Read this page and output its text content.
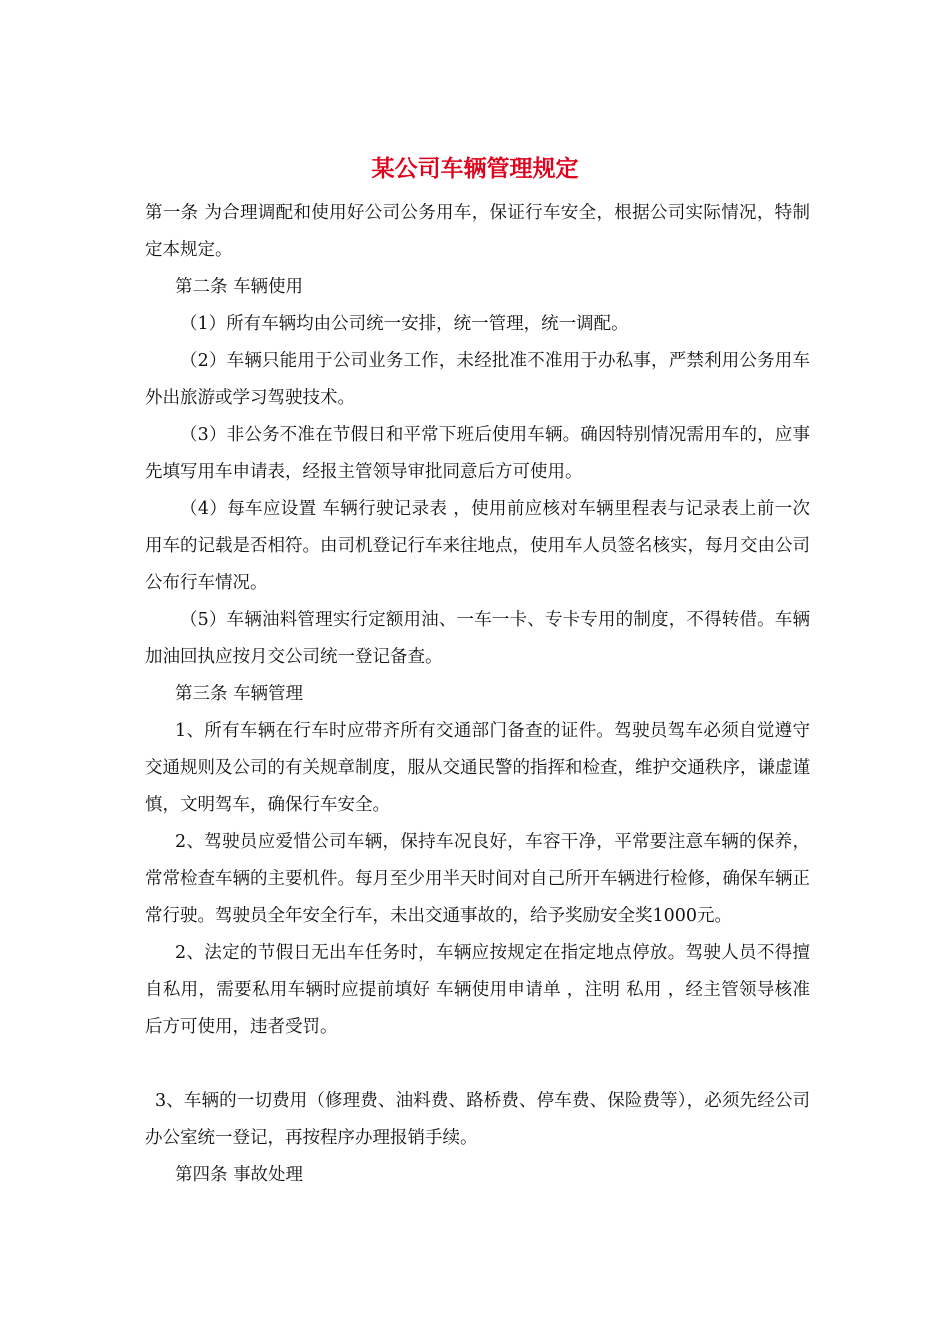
某公司车辆管理规定

第一条 为合理调配和使用好公司公务用车，保证行车安全，根据公司实际情况，特制定本规定。

第二条 车辆使用

（1）所有车辆均由公司统一安排，统一管理，统一调配。

（2）车辆只能用于公司业务工作，未经批准不准用于办私事，严禁利用公务用车外出旅游或学习驾驶技术。

（3）非公务不准在节假日和平常下班后使用车辆。确因特别情况需用车的，应事先填写用车申请表，经报主管领导审批同意后方可使用。

（4）每车应设置 车辆行驶记录表 ，使用前应核对车辆里程表与记录表上前一次用车的记载是否相符。由司机登记行车来往地点，使用车人员签名核实，每月交由公司公布行车情况。

（5）车辆油料管理实行定额用油、一车一卡、专卡专用的制度，不得转借。车辆加油回执应按月交公司统一登记备查。

第三条 车辆管理

1、所有车辆在行车时应带齐所有交通部门备查的证件。驾驶员驾车必须自觉遵守交通规则及公司的有关规章制度，服从交通民警的指挥和检查，维护交通秩序，谦虚谨慎，文明驾车，确保行车安全。

2、驾驶员应爱惜公司车辆，保持车况良好，车容干净，平常要注意车辆的保养，常常检查车辆的主要机件。每月至少用半天时间对自己所开车辆进行检修，确保车辆正常行驶。驾驶员全年安全行车，未出交通事故的，给予奖励安全奖1000元。

2、法定的节假日无出车任务时，车辆应按规定在指定地点停放。驾驶人员不得擅自私用，需要私用车辆时应提前填好 车辆使用申请单 ，注明 私用 ，经主管领导核准后方可使用，违者受罚。

3、车辆的一切费用（修理费、油料费、路桥费、停车费、保险费等），必须先经公司办公室统一登记，再按程序办理报销手续。

第四条 事故处理
